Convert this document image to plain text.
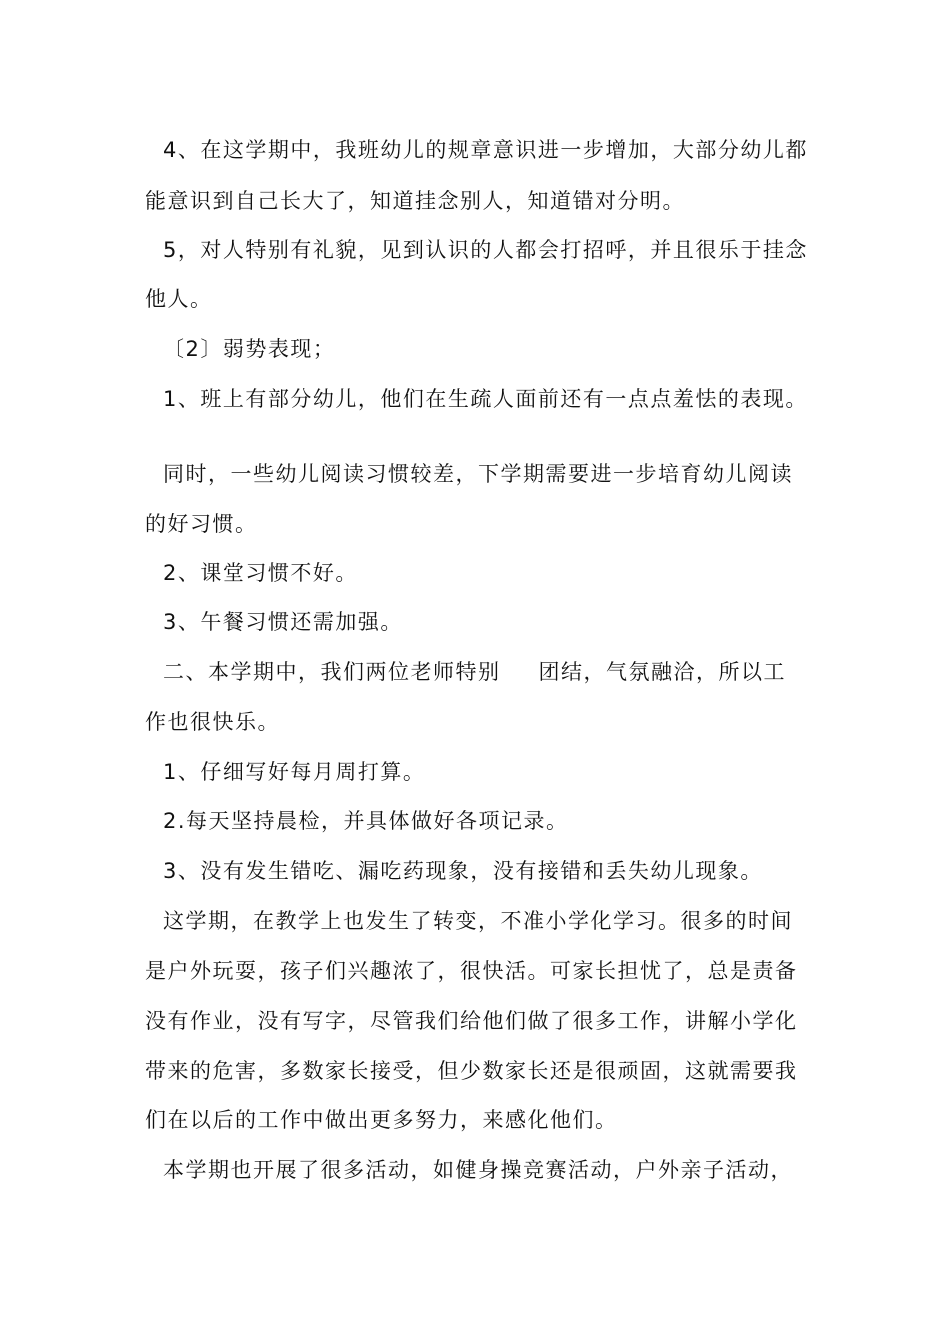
4、在这学期中，我班幼儿的规章意识进一步增加，大部分幼儿都
能意识到自己长大了，知道挂念别人，知道错对分明。
5，对人特别有礼貌，见到认识的人都会打招呼，并且很乐于挂念
他人。
〔2〕弱势表现；
1、班上有部分幼儿，他们在生疏人面前还有一点点羞怯的表现。
同时，一些幼儿阅读习惯较差，下学期需要进一步培育幼儿阅读
的好习惯。
2、课堂习惯不好。
3、午餐习惯还需加强。
二、本学期中，我们两位老师特别 团结，气氛融洽，所以工
作也很快乐。
1、仔细写好每月周打算。
2.每天坚持晨检，并具体做好各项记录。
3、没有发生错吃、漏吃药现象，没有接错和丢失幼儿现象。
这学期，在教学上也发生了转变，不准小学化学习。很多的时间
是户外玩耍，孩子们兴趣浓了，很快活。可家长担忧了，总是责备
没有作业，没有写字，尽管我们给他们做了很多工作，讲解小学化
带来的危害，多数家长接受，但少数家长还是很顽固，这就需要我
们在以后的工作中做出更多努力，来感化他们。
本学期也开展了很多活动，如健身操竞赛活动，户外亲子活动，
